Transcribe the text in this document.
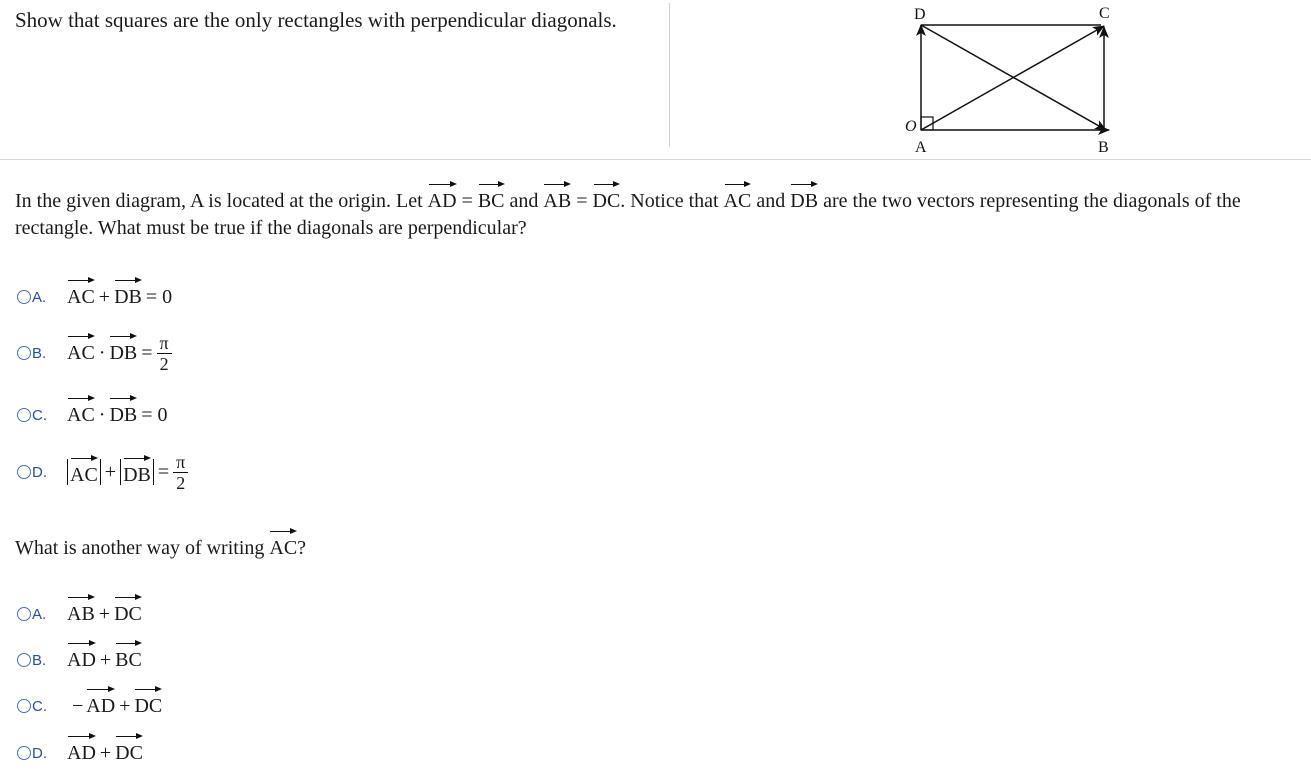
Show that squares are the only rectangles with perpendicular diagonals.
O
A	B
C
D
In the given diagram, A is located at the origin. Let AD = BC and AB = DC. Notice that AC and DB are the two vectors representing the diagonals of the rectangle. What must be true if the diagonals are perpendicular?
A.	AC + DB = 0
B.	AC · DB = $\frac{\pi}{2}$
C.	AC · DB = 0
D.	AC + DB = $\frac{\pi}{2}$
What is another way of writing AC?
A.	AB + DC
B.	AD + BC
C.	− AD + DC
D.	AD + DC
